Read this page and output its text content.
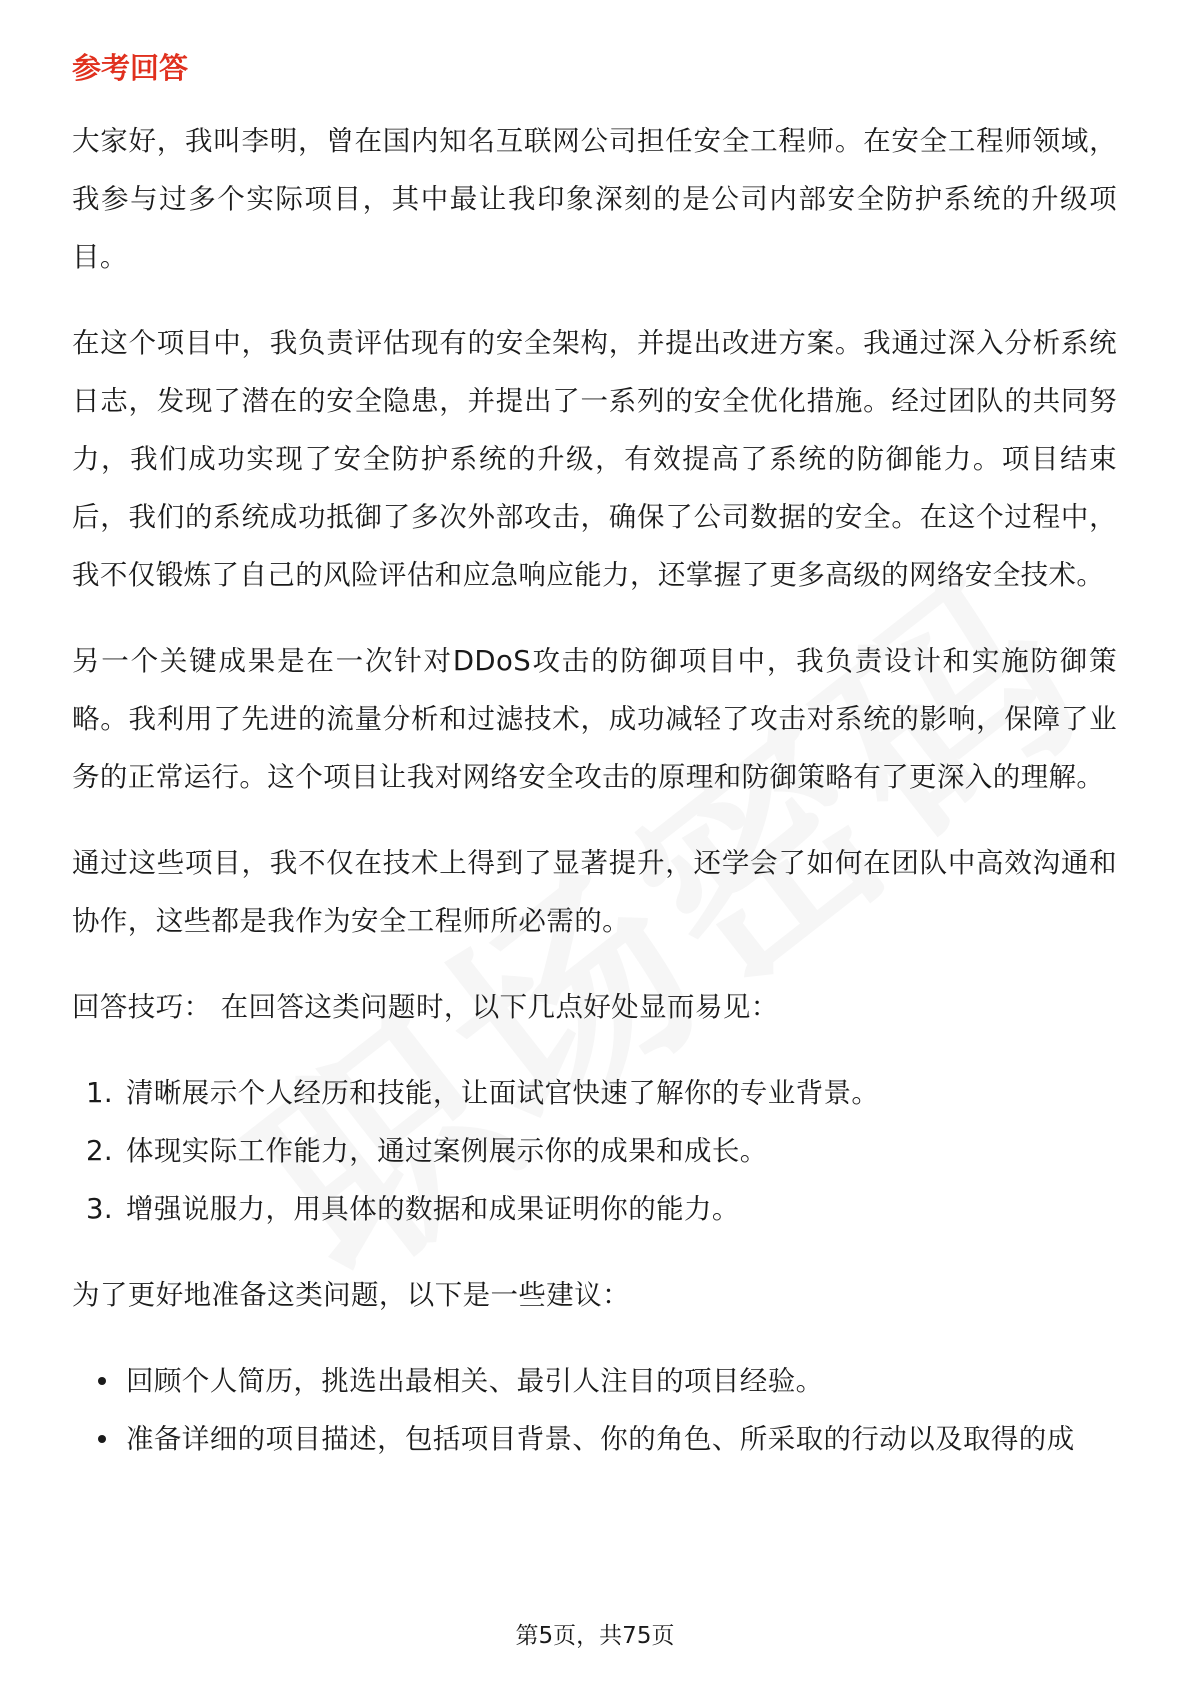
参考回答

大家好，我叫李明，曾在国内知名互联网公司担任安全工程师。在安全工程师领域，我参与过多个实际项目，其中最让我印象深刻的是公司内部安全防护系统的升级项目。

在这个项目中，我负责评估现有的安全架构，并提出改进方案。我通过深入分析系统日志，发现了潜在的安全隐患，并提出了一系列的安全优化措施。经过团队的共同努力，我们成功实现了安全防护系统的升级，有效提高了系统的防御能力。项目结束后，我们的系统成功抵御了多次外部攻击，确保了公司数据的安全。在这个过程中，我不仅锻炼了自己的风险评估和应急响应能力，还掌握了更多高级的网络安全技术。

另一个关键成果是在一次针对DDoS攻击的防御项目中，我负责设计和实施防御策略。我利用了先进的流量分析和过滤技术，成功减轻了攻击对系统的影响，保障了业务的正常运行。这个项目让我对网络安全攻击的原理和防御策略有了更深入的理解。

通过这些项目，我不仅在技术上得到了显著提升，还学会了如何在团队中高效沟通和协作，这些都是我作为安全工程师所必需的。

回答技巧： 在回答这类问题时，以下几点好处显而易见：

1. 清晰展示个人经历和技能，让面试官快速了解你的专业背景。
2. 体现实际工作能力，通过案例展示你的成果和成长。
3. 增强说服力，用具体的数据和成果证明你的能力。

为了更好地准备这类问题，以下是一些建议：

回顾个人简历，挑选出最相关、最引人注目的项目经验。
准备详细的项目描述，包括项目背景、你的角色、所采取的行动以及取得的成
第5页，共75页
